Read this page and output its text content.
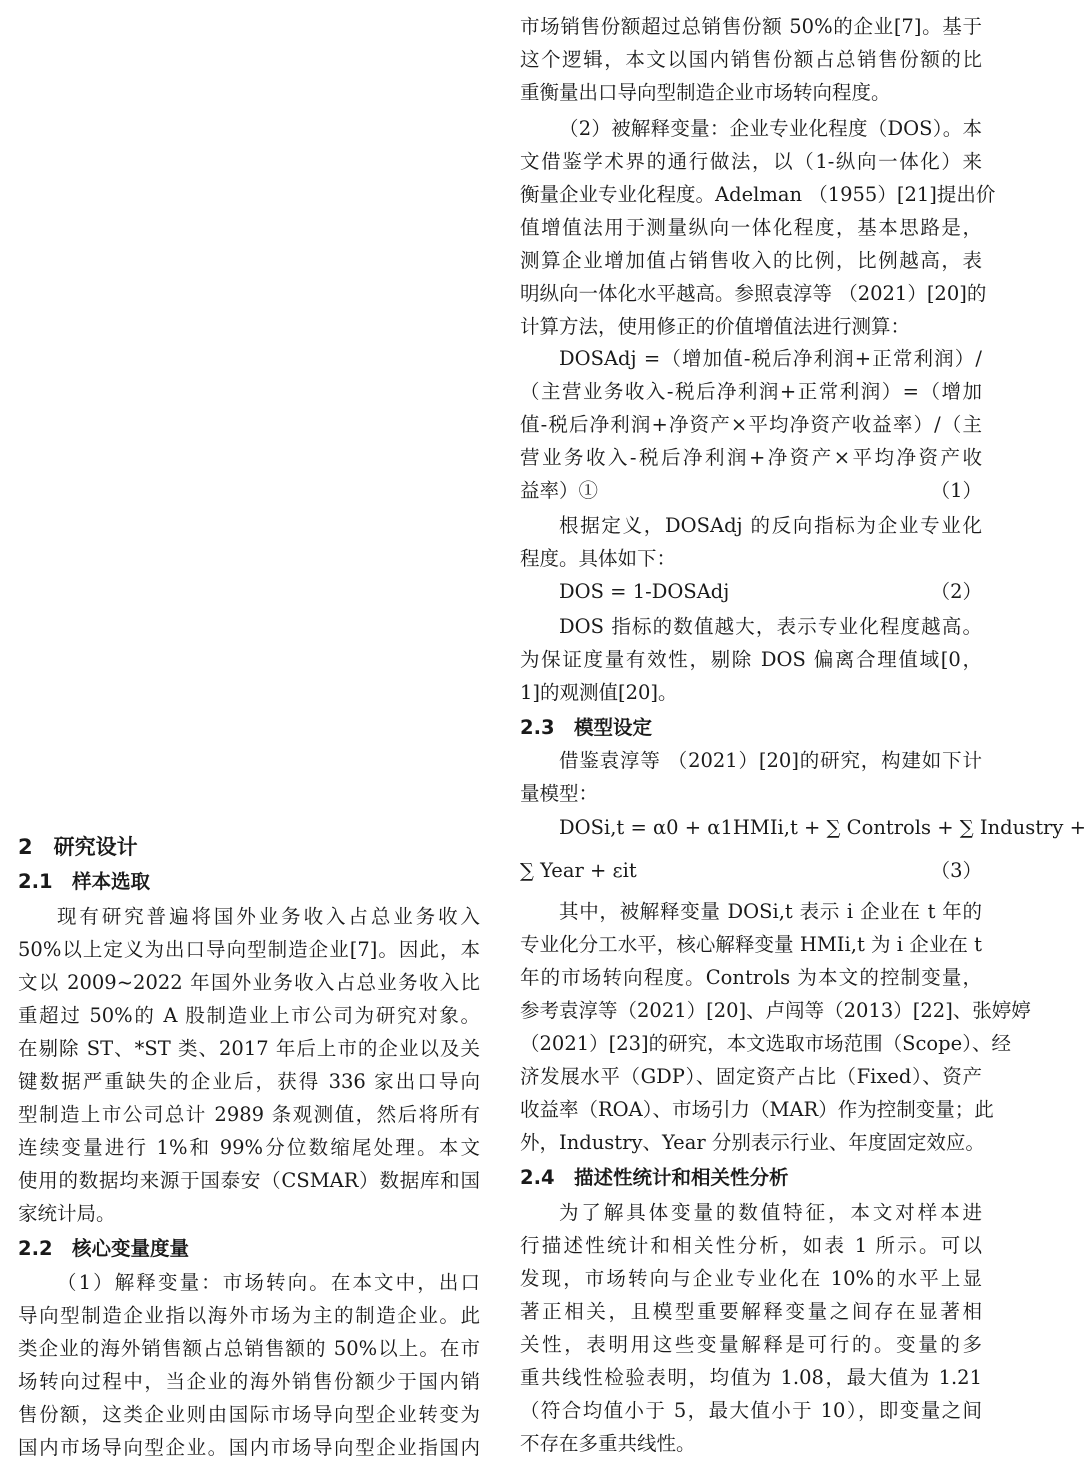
2　研究设计
2.1　样本选取
现有研究普遍将国外业务收入占总业务收入
50%以上定义为出口导向型制造企业[7]。因此，本
文以 2009~2022 年国外业务收入占总业务收入比
重超过 50%的 A 股制造业上市公司为研究对象。
在剔除 ST、*ST 类、2017 年后上市的企业以及关
键数据严重缺失的企业后，获得 336 家出口导向
型制造上市公司总计 2989 条观测值，然后将所有
连续变量进行 1%和 99%分位数缩尾处理。本文
使用的数据均来源于国泰安（CSMAR）数据库和国
家统计局。
2.2　核心变量度量
（1）解释变量：市场转向。在本文中，出口
导向型制造企业指以海外市场为主的制造企业。此
类企业的海外销售额占总销售额的 50%以上。在市
场转向过程中，当企业的海外销售份额少于国内销
售份额，这类企业则由国际市场导向型企业转变为
国内市场导向型企业。国内市场导向型企业指国内
市场销售份额超过总销售份额 50%的企业[7]。基于
这个逻辑，本文以国内销售份额占总销售份额的比
重衡量出口导向型制造企业市场转向程度。
（2）被解释变量：企业专业化程度（DOS）。本
文借鉴学术界的通行做法，以（1-纵向一体化）来
衡量企业专业化程度。Adelman （1955）[21]提出价
值增值法用于测量纵向一体化程度，基本思路是，
测算企业增加值占销售收入的比例，比例越高，表
明纵向一体化水平越高。参照袁淳等 （2021）[20]的
计算方法，使用修正的价值增值法进行测算：
DOSAdj =（增加值-税后净利润+正常利润）/
（主营业务收入-税后净利润+正常利润）=（增加
值-税后净利润+净资产×平均净资产收益率）/（主
营业务收入-税后净利润+净资产×平均净资产收
益率）①	（1）
根据定义，DOSAdj 的反向指标为企业专业化
程度。具体如下：
DOS = 1-DOSAdj	（2）
DOS 指标的数值越大，表示专业化程度越高。
为保证度量有效性，剔除 DOS 偏离合理值域[0，
1]的观测值[20]。
2.3　模型设定
借鉴袁淳等 （2021）[20]的研究，构建如下计
量模型：
DOSi,t = α0 + α1HMIi,t + ∑ Controls + ∑ Industry +
∑ Year + εit	（3）
其中，被解释变量 DOSi,t 表示 i 企业在 t 年的
专业化分工水平，核心解释变量 HMIi,t 为 i 企业在 t
年的市场转向程度。Controls 为本文的控制变量，
参考袁淳等（2021）[20]、卢闯等（2013）[22]、张婷婷
（2021）[23]的研究，本文选取市场范围（Scope）、经
济发展水平（GDP）、固定资产占比（Fixed）、资产
收益率（ROA）、市场引力（MAR）作为控制变量；此
外，Industry、Year 分别表示行业、年度固定效应。
2.4　描述性统计和相关性分析
为了解具体变量的数值特征，本文对样本进
行描述性统计和相关性分析，如表 1 所示。可以
发现，市场转向与企业专业化在 10%的水平上显
著正相关，且模型重要解释变量之间存在显著相
关性，表明用这些变量解释是可行的。变量的多
重共线性检验表明，均值为 1.08，最大值为 1.21
（符合均值小于 5，最大值小于 10），即变量之间
不存在多重共线性。
